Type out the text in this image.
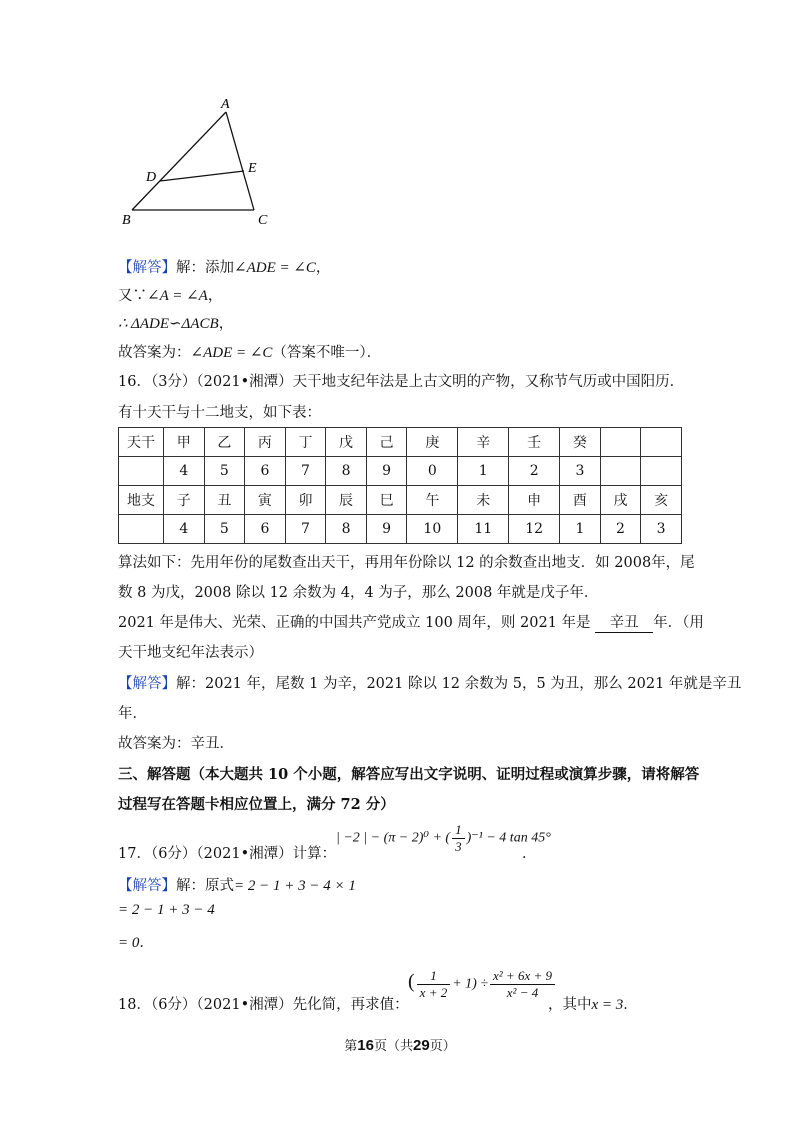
A
B	C
D
E
【解答】解：添加∠ADE = ∠C，
又∵∠A = ∠A，
∴ ΔADE∽ΔACB，
故答案为：∠ADE = ∠C（答案不唯一）．
16．（3分）（2021•湘潭）天干地支纪年法是上古文明的产物，又称节气历或中国阳历．
有十天干与十二地支，如下表：
天干	甲	乙	丙	丁	戊	己	庚	辛	壬	癸		
	4	5	6	7	8	9	0	1	2	3		
地支	子	丑	寅	卯	辰	巳	午	未	申	酉	戌	亥
	4	5	6	7	8	9	10	11	12	1	2	3
算法如下：先用年份的尾数查出天干，再用年份除以 12 的余数查出地支．如 2008年，尾
数 8 为戊，2008 除以 12 余数为 4，4 为子，那么 2008 年就是戊子年．
2021 年是伟大、光荣、正确的中国共产党成立 100 周年，则 2021 年是 辛丑 年．（用
天干地支纪年法表示）
【解答】解：2021 年，尾数 1 为辛，2021 除以 12 余数为 5，5 为丑，那么 2021 年就是辛丑
年．
故答案为：辛丑．
三、解答题（本大题共 10 个小题，解答应写出文字说明、证明过程或演算步骤，请将解答
过程写在答题卡相应位置上，满分 72 分）
17．（6分）（2021•湘潭）计算：
| −2 | − (π − 2)⁰ + ( $\frac{1}{3} )^{-1} - 4$ tan 45°
．
【解答】解：原式= 2 − 1 + 3 − 4 × 1
= 2 − 1 + 3 − 4
= 0．
18．（6分）（2021•湘潭）先化简，再求值：
( $\frac{1}{x + 2} + 1) \div \frac{\text{x² + 6x + 9}}{\text{x² − 4}}$
，其中x = 3．
第16页（共29页）
